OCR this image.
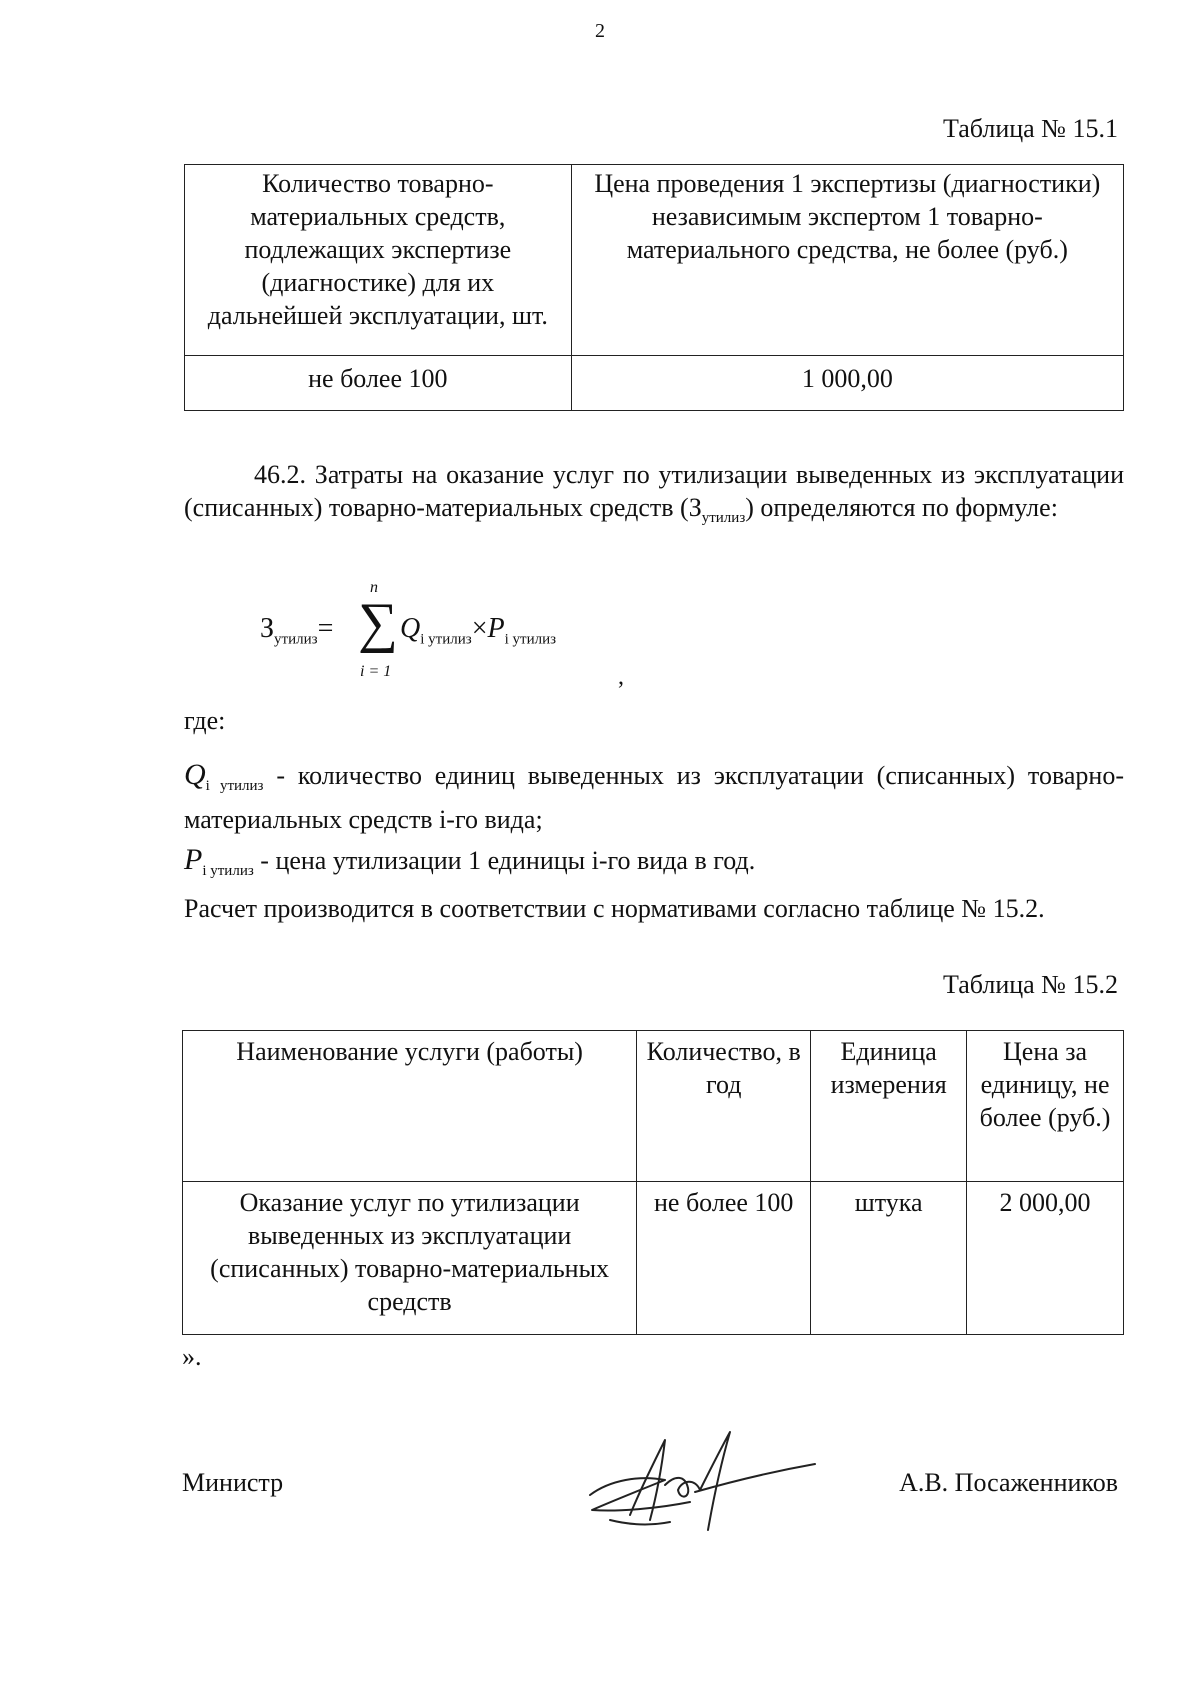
2
Таблица № 15.1
Количество товарно-материальных средств, подлежащих экспертизе (диагностике) для их дальнейшей эксплуатации, шт.	Цена проведения 1 экспертизы (диагностики) независимым экспертом 1 товарно-материального средства, не более (руб.)
не более 100	1 000,00
46.2. Затраты на оказание услуг по утилизации выведенных из эксплуатации (списанных) товарно-материальных средств $(З_{утилиз})$ определяются по формуле:
$З_{утилиз}=$
n
∑
i = 1
$Q_{i утилиз}\times P_{i утилиз}$
,
где:
$Q_{i утилиз}$ - количество единиц выведенных из эксплуатации (списанных) товарно-материальных средств i-го вида;
$P_{i утилиз}$ - цена утилизации 1 единицы i-го вида в год.
Расчет производится в соответствии с нормативами согласно таблице № 15.2.
Таблица № 15.2
Наименование услуги (работы)	Количество, в год	Единица измерения	Цена за единицу, не более (руб.)
Оказание услуг по утилизации выведенных из эксплуатации (списанных) товарно-материальных средств	не более 100	штука	2 000,00
».
Министр	А.В. Посаженников
